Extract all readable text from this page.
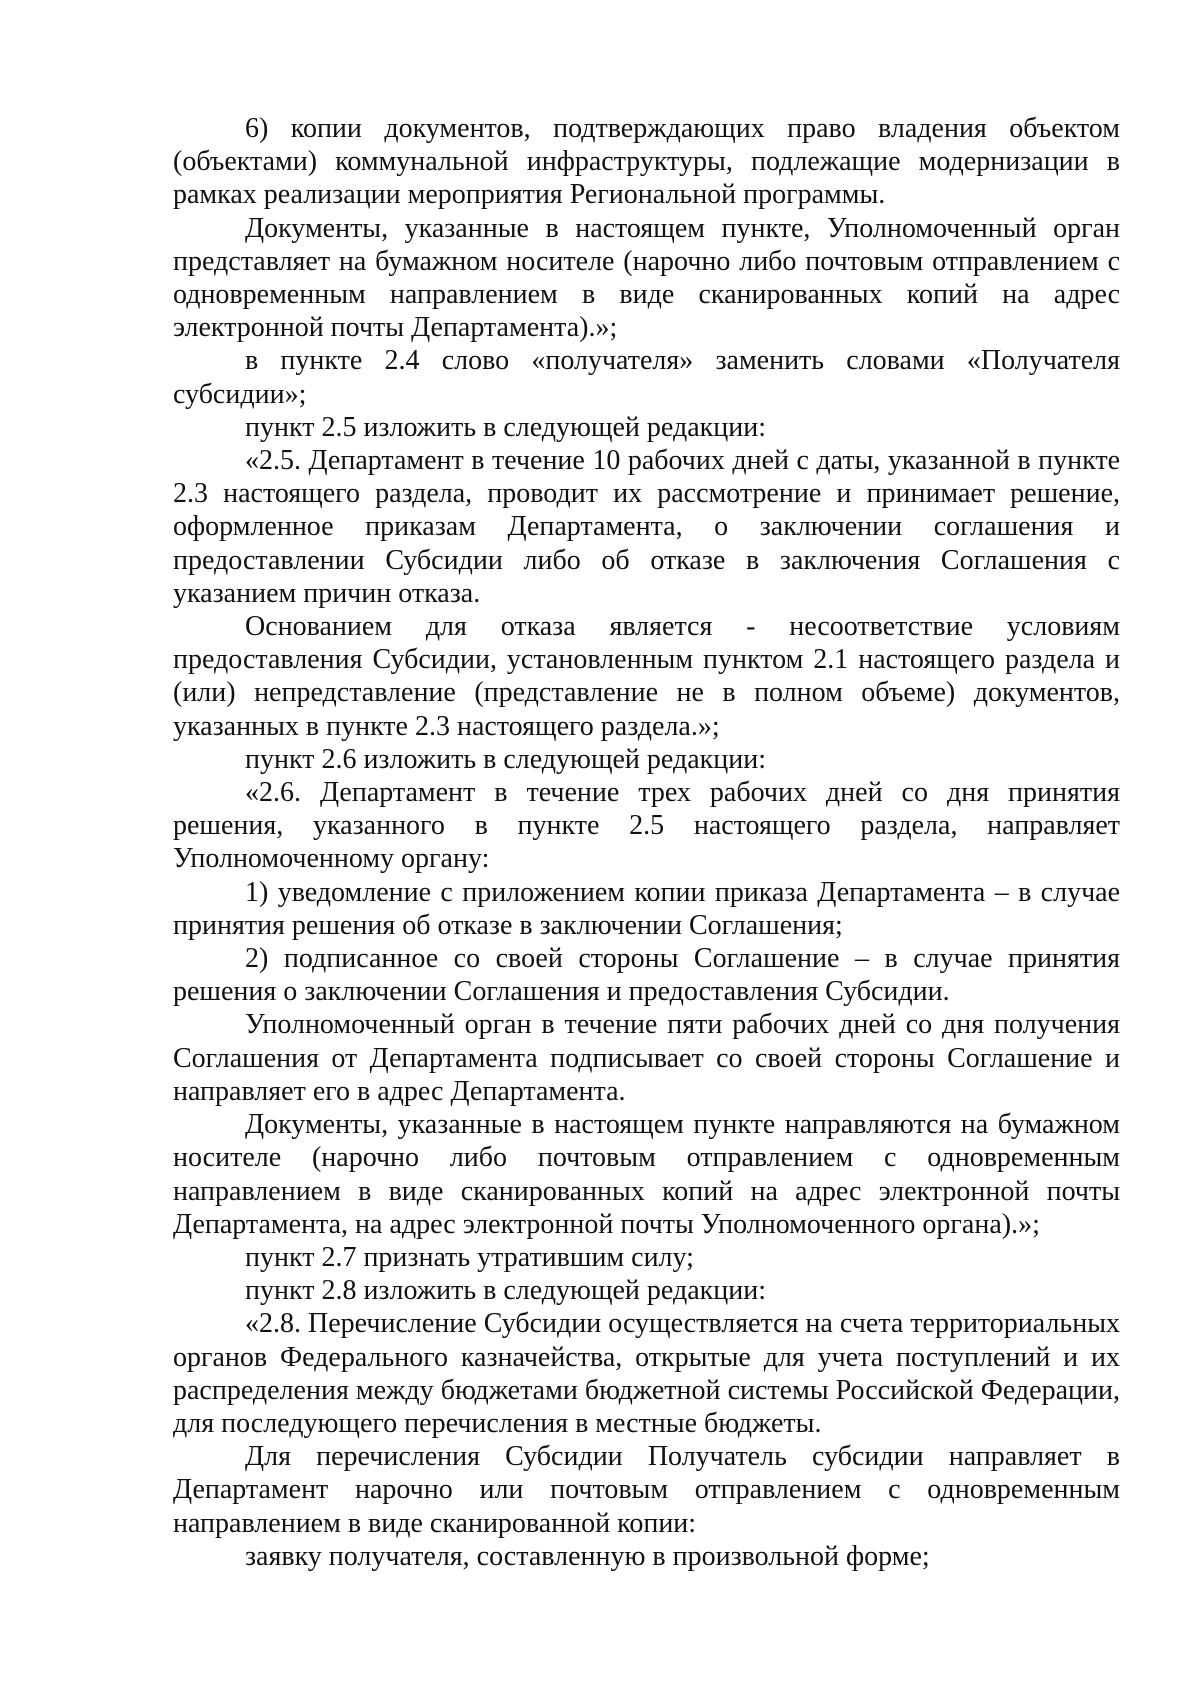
6) копии документов, подтверждающих право владения объектом (объектами) коммунальной инфраструктуры, подлежащие модернизации в рамках реализации мероприятия Региональной программы.

Документы, указанные в настоящем пункте, Уполномоченный орган представляет на бумажном носителе (нарочно либо почтовым отправлением с одновременным направлением в виде сканированных копий на адрес электронной почты Департамента).»;

в пункте 2.4 слово «получателя» заменить словами «Получателя субсидии»;

пункт 2.5 изложить в следующей редакции:

«2.5. Департамент в течение 10 рабочих дней с даты, указанной в пункте 2.3 настоящего раздела, проводит их рассмотрение и принимает решение, оформленное приказам Департамента, о заключении соглашения и предоставлении Субсидии либо об отказе в заключения Соглашения с указанием причин отказа.

Основанием для отказа является - несоответствие условиям предоставления Субсидии, установленным пунктом 2.1 настоящего раздела и (или) непредставление (представление не в полном объеме) документов, указанных в пункте 2.3 настоящего раздела.»;

пункт 2.6 изложить в следующей редакции:

«2.6. Департамент в течение трех рабочих дней со дня принятия решения, указанного в пункте 2.5 настоящего раздела, направляет Уполномоченному органу:

1) уведомление с приложением копии приказа Департамента – в случае принятия решения об отказе в заключении Соглашения;

2) подписанное со своей стороны Соглашение – в случае принятия решения о заключении Соглашения и предоставления Субсидии.

Уполномоченный орган в течение пяти рабочих дней со дня получения Соглашения от Департамента подписывает со своей стороны Соглашение и направляет его в адрес Департамента.

Документы, указанные в настоящем пункте направляются на бумажном носителе (нарочно либо почтовым отправлением с одновременным направлением в виде сканированных копий на адрес электронной почты Департамента, на адрес электронной почты Уполномоченного органа).»;

пункт 2.7 признать утратившим силу;

пункт 2.8 изложить в следующей редакции:

«2.8. Перечисление Субсидии осуществляется на счета территориальных органов Федерального казначейства, открытые для учета поступлений и их распределения между бюджетами бюджетной системы Российской Федерации, для последующего перечисления в местные бюджеты.

Для перечисления Субсидии Получатель субсидии направляет в Департамент нарочно или почтовым отправлением с одновременным направлением в виде сканированной копии:

заявку получателя, составленную в произвольной форме;
